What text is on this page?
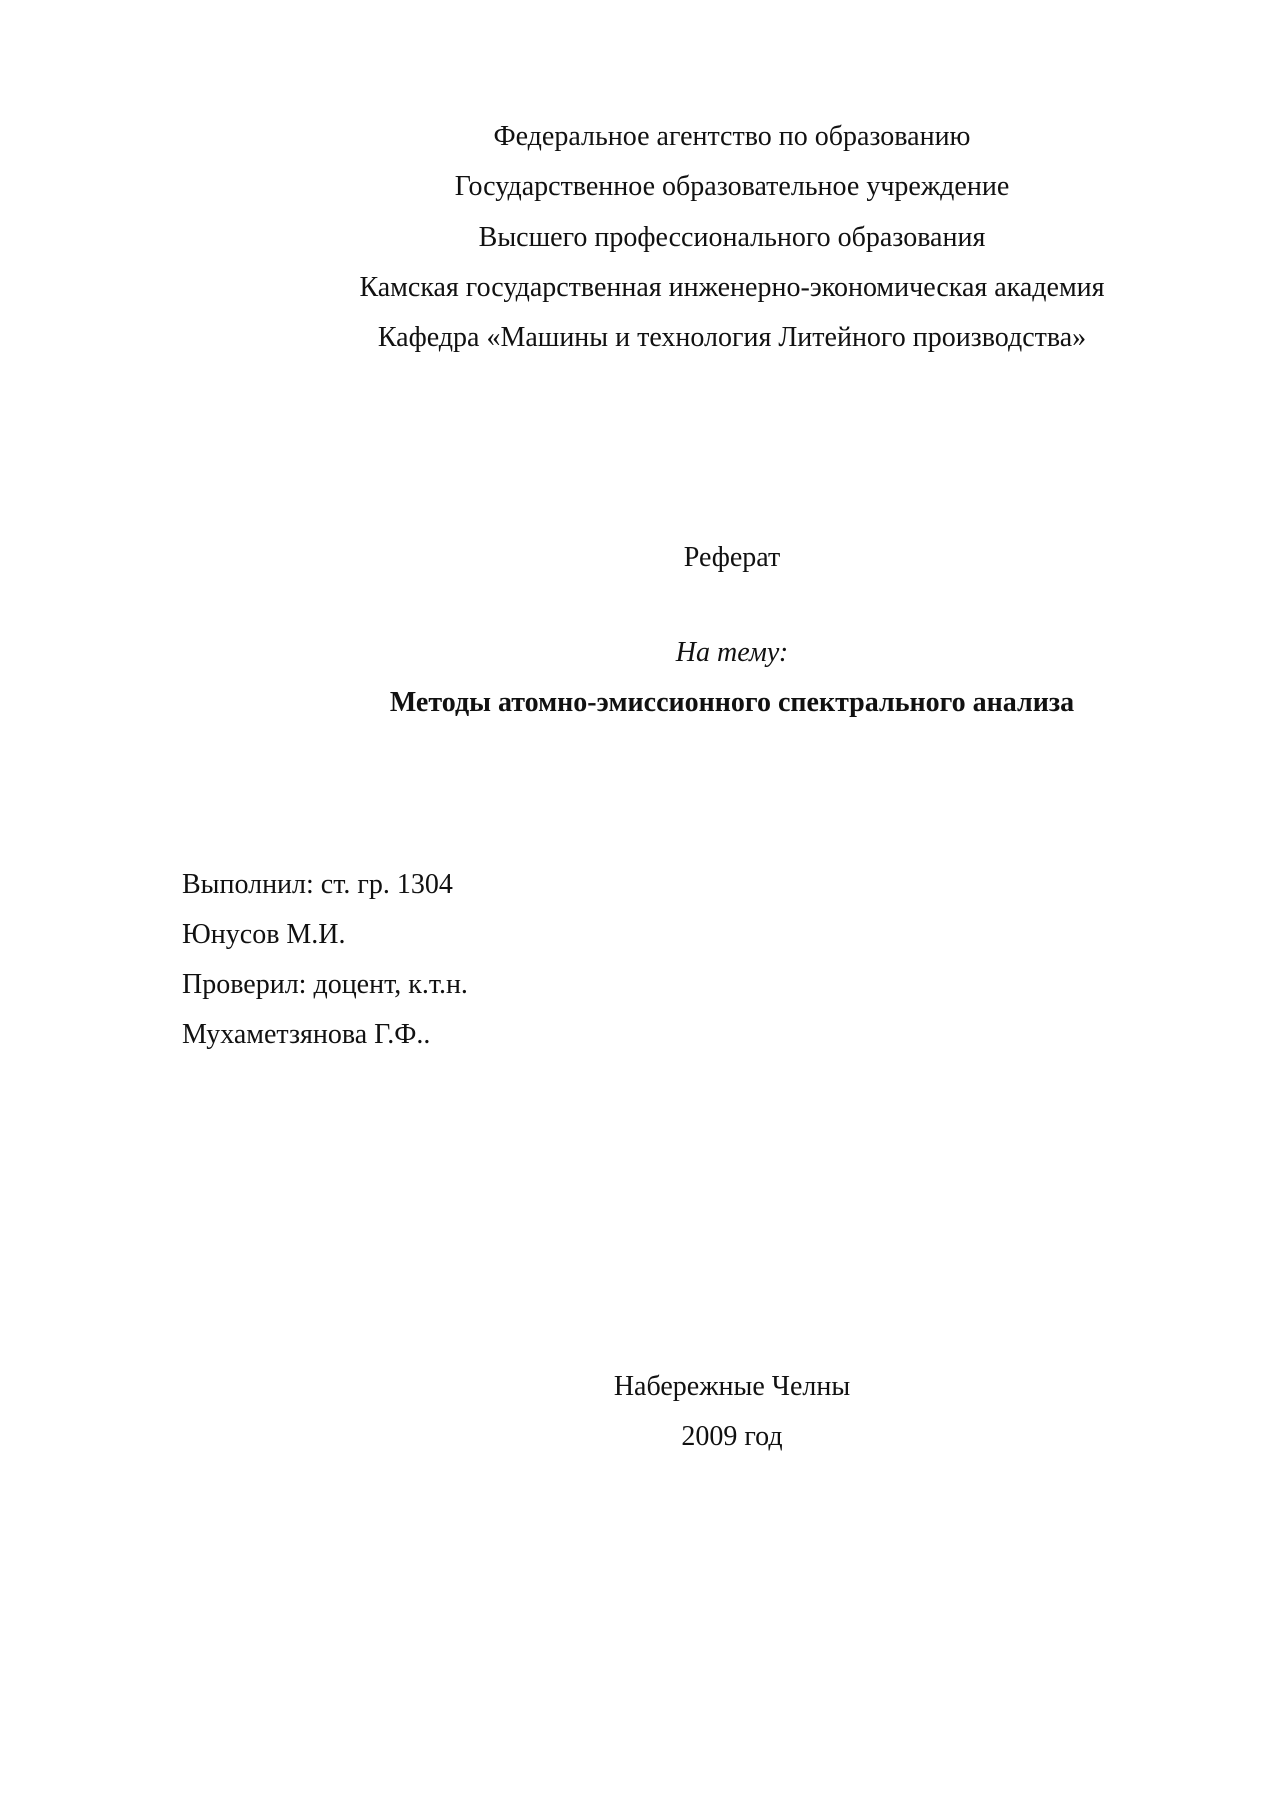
Федеральное агентство по образованию
Государственное образовательное учреждение
Высшего профессионального образования
Камская государственная инженерно-экономическая академия
Кафедра «Машины и технология Литейного производства»
Реферат
На тему:
Методы атомно-эмиссионного спектрального анализа
Выполнил: ст. гр. 1304
Юнусов М.И.
Проверил: доцент, к.т.н.
Мухаметзянова Г.Ф..
Набережные Челны
2009 год
